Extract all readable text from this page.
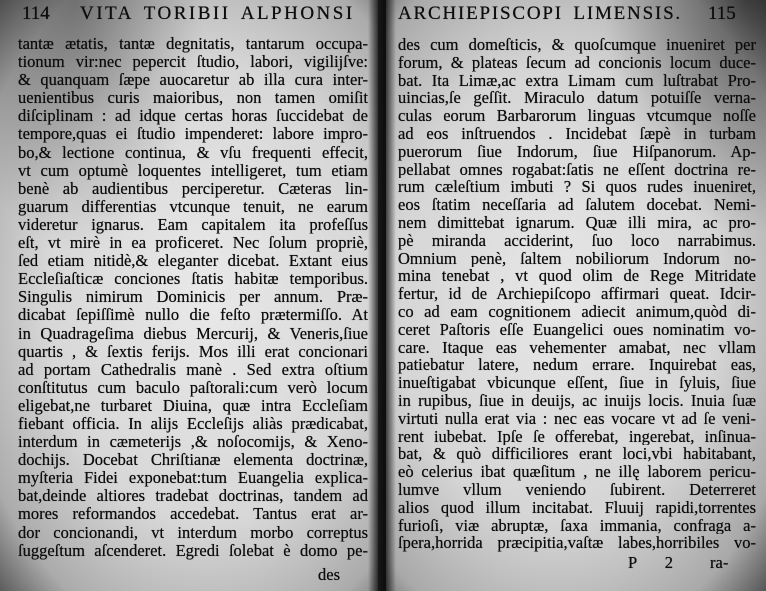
114 VITA TORIBII ALPHONSI
tantæ ætatis, tantæ degnitatis, tantarum occupa-
tionum vir:nec pepercit ſtudio, labori, vigilijſve:
& quanquam ſæpe auocaretur ab illa cura inter-
uenientibus curis maioribus, non tamen omiſit
diſciplinam : ad idque certas horas ſuccidebat de
tempore,quas ei ſtudio impenderet: labore impro-
bo,& lectione continua, & vſu frequenti effecit,
vt cum optumè loquentes intelligeret, tum etiam
benè ab audientibus perciperetur. Cæteras lin-
guarum differentias vtcunque tenuit, ne earum
videretur ignarus. Eam capitalem ita profeſſus
eſt, vt mirè in ea proficeret. Nec ſolum propriè,
ſed etiam nitidè,& eleganter dicebat. Extant eius
Eccleſiaſticæ conciones ſtatis habitæ temporibus.
Singulis nimirum Dominicis per annum. Præ-
dicabat ſepiſſimè nullo die feſto prætermiſſo. At
in Quadrageſima diebus Mercurij, & Veneris,ſiue
quartis , & ſextis ferijs. Mos illi erat concionari
ad portam Cathedralis manè . Sed extra oſtium
conſtitutus cum baculo paſtorali:cum verò locum
eligebat,ne turbaret Diuina, quæ intra Eccleſiam
fiebant officia. In alijs Eccleſijs aliàs prædicabat,
interdum in cæmeterijs ,& noſocomijs, & Xeno-
dochijs. Docebat Chriſtianæ elementa doctrinæ,
myſteria Fidei exponebat:tum Euangelia explica-
bat,deinde altiores tradebat doctrinas, tandem ad
mores reformandos accedebat. Tantus erat ar-
dor concionandi, vt interdum morbo correptus
ſuggeſtum aſcenderet. Egredi ſolebat è domo pe-
des
ARCHIEPISCOPI LIMENSIS. 115
des cum domeſticis, & quoſcumque inueniret per
forum, & plateas ſecum ad concionis locum duce-
bat. Ita Limæ,ac extra Limam cum luſtrabat Pro-
uincias,ſe geſſit. Miraculo datum potuiſſe verna-
culas eorum Barbarorum linguas vtcumque noſſe
ad eos inſtruendos . Incidebat ſæpè in turbam
puerorum ſiue Indorum, ſiue Hiſpanorum. Ap-
pellabat omnes rogabat:ſatis ne eſſent doctrina re-
rum cæleſtium imbuti ? Si quos rudes inueniret,
eos ſtatim neceſſaria ad ſalutem docebat. Nemi-
nem dimittebat ignarum. Quæ illi mira, ac pro-
pè miranda acciderint, ſuo loco narrabimus.
Omnium penè, ſaltem nobiliorum Indorum no-
mina tenebat , vt quod olim de Rege Mitridate
fertur, id de Archiepiſcopo affirmari queat. Idcir-
co ad eam cognitionem adiecit animum,quòd di-
ceret Paſtoris eſſe Euangelici oues nominatim vo-
care. Itaque eas vehementer amabat, nec vllam
patiebatur latere, nedum errare. Inquirebat eas,
inueſtigabat vbicunque eſſent, ſiue in ſyluis, ſiue
in rupibus, ſiue in deuijs, ac inuijs locis. Inuia ſuæ
virtuti nulla erat via : nec eas vocare vt ad ſe veni-
rent iubebat. Ipſe ſe offerebat, ingerebat, inſinua-
bat, & quò difficiliores erant loci,vbi habitabant,
eò celerius ibat quæſitum , ne illę laborem pericu-
lumve vllum veniendo ſubirent. Deterreret
alios quod illum incitabat. Fluuij rapidi,torrentes
furioſi, viæ abruptæ, ſaxa immania, confraga a-
ſpera,horrida præcipitia,vaſtæ labes,horribiles vo-
P 2 ra-
